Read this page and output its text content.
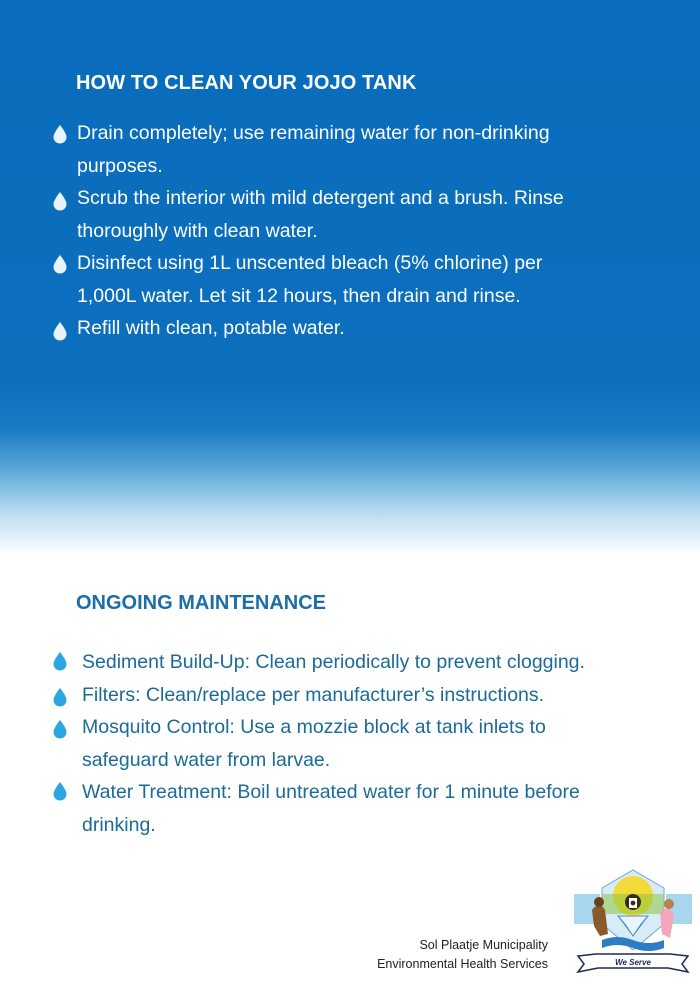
HOW TO CLEAN YOUR JOJO TANK
Drain completely; use remaining water for non-drinking purposes.
Scrub the interior with mild detergent and a brush. Rinse thoroughly with clean water.
Disinfect using 1L unscented bleach (5% chlorine) per 1,000L water. Let sit 12 hours, then drain and rinse.
Refill with clean, potable water.
ONGOING MAINTENANCE
Sediment Build-Up: Clean periodically to prevent clogging.
Filters: Clean/replace per manufacturer’s instructions.
Mosquito Control: Use a mozzie block at tank inlets to safeguard water from larvae.
Water Treatment: Boil untreated water for 1 minute before drinking.
Sol Plaatje Municipality
Environmental Health Services	We Serve
